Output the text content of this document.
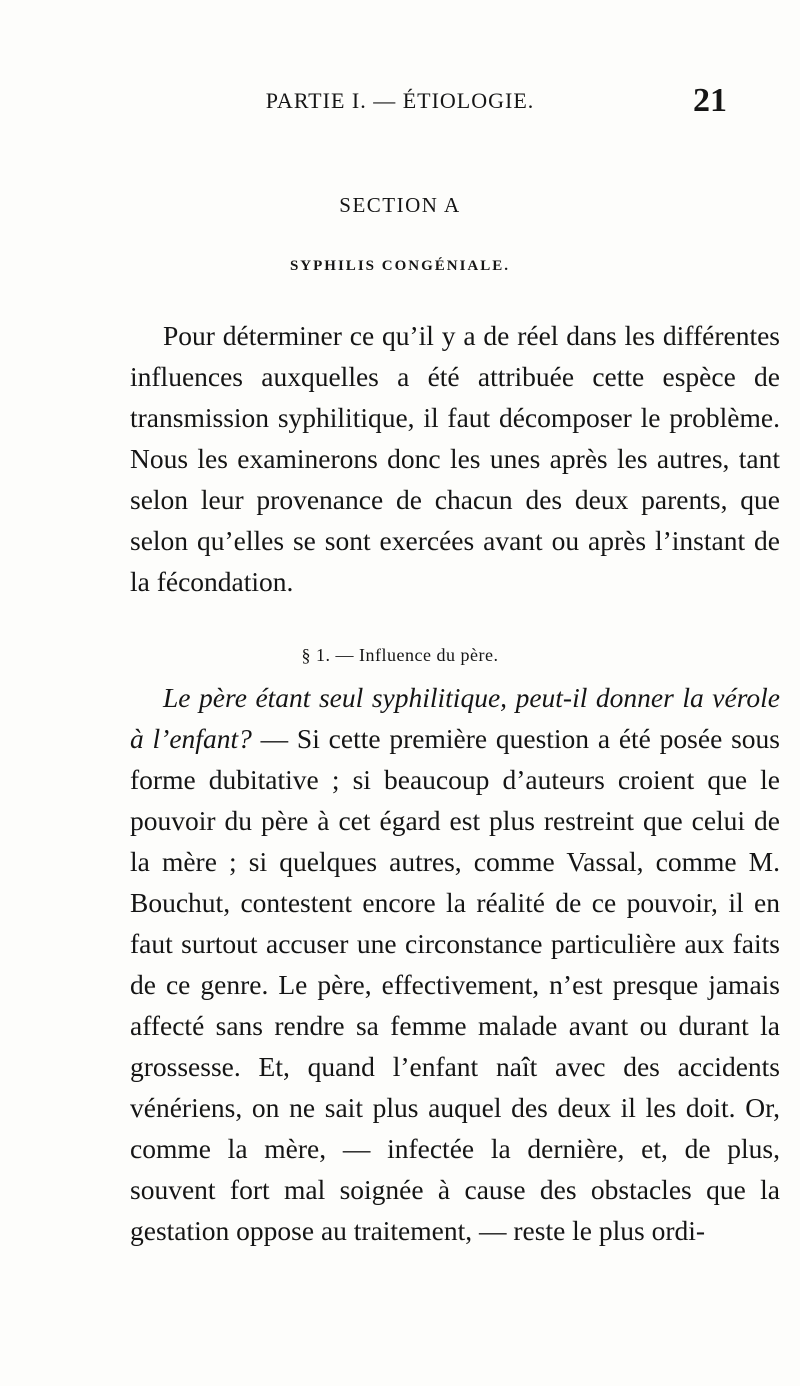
PARTIE I. — ÉTIOLOGIE.	21
SECTION A
SYPHILIS CONGÉNIALE.

Pour déterminer ce qu’il y a de réel dans les différentes influences auxquelles a été attribuée cette espèce de transmission syphilitique, il faut décomposer le problème. Nous les examinerons donc les unes après les autres, tant selon leur provenance de chacun des deux parents, que selon qu’elles se sont exercées avant ou après l’instant de la fécondation.

§ 1. — Influence du père.

Le père étant seul syphilitique, peut-il donner la vérole à l’enfant? — Si cette première question a été posée sous forme dubitative ; si beaucoup d’auteurs croient que le pouvoir du père à cet égard est plus restreint que celui de la mère ; si quelques autres, comme Vassal, comme M. Bouchut, contestent encore la réalité de ce pouvoir, il en faut surtout accuser une circonstance particulière aux faits de ce genre. Le père, effectivement, n’est presque jamais affecté sans rendre sa femme malade avant ou durant la grossesse. Et, quand l’enfant naît avec des accidents vénériens, on ne sait plus auquel des deux il les doit. Or, comme la mère, — infectée la dernière, et, de plus, souvent fort mal soignée à cause des obstacles que la gestation oppose au traitement, — reste le plus ordi-
